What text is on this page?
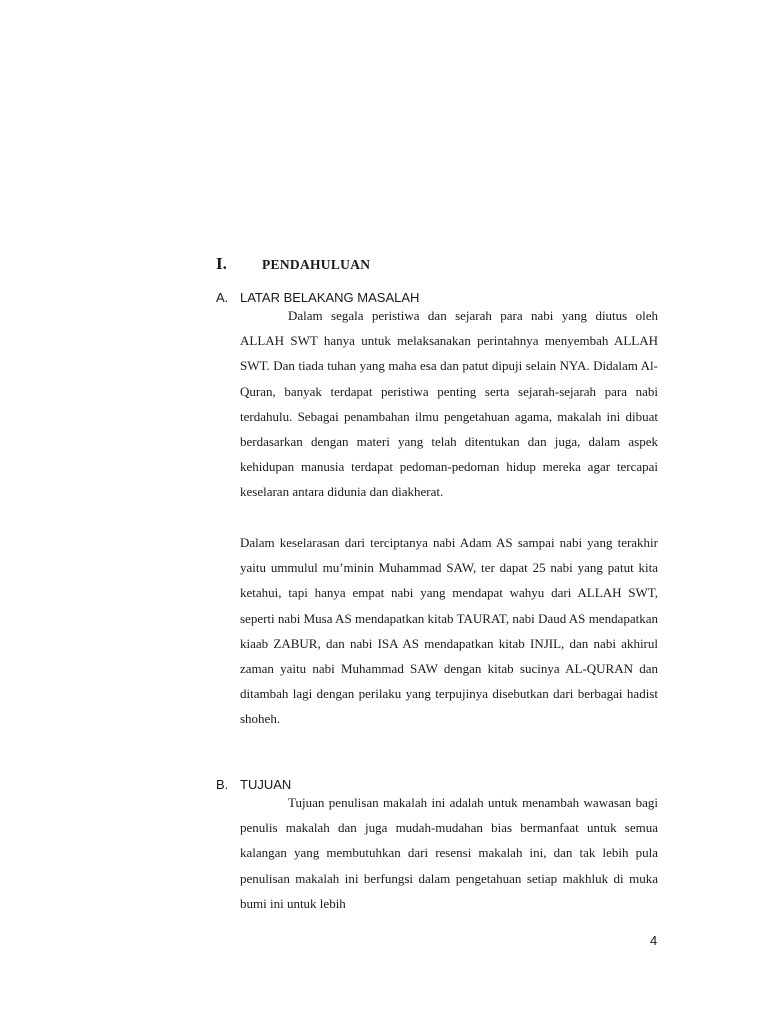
I.	PENDAHULUAN
A. LATAR BELAKANG MASALAH

Dalam segala peristiwa dan sejarah para nabi yang diutus oleh ALLAH SWT hanya untuk melaksanakan perintahnya menyembah ALLAH SWT. Dan tiada tuhan yang maha esa dan patut dipuji selain NYA. Didalam Al-Quran, banyak terdapat peristiwa penting serta sejarah-sejarah para nabi terdahulu. Sebagai penambahan ilmu pengetahuan agama, makalah ini dibuat berdasarkan dengan materi yang telah ditentukan dan juga, dalam aspek kehidupan manusia terdapat pedoman-pedoman hidup mereka agar tercapai keselaran antara didunia dan diakherat.

Dalam keselarasan dari terciptanya nabi Adam AS sampai nabi yang terakhir yaitu ummulul mu’minin Muhammad SAW, ter dapat 25 nabi yang patut kita ketahui, tapi hanya empat nabi yang mendapat wahyu dari ALLAH SWT, seperti nabi Musa AS mendapatkan kitab TAURAT, nabi Daud AS mendapatkan kiaab ZABUR, dan nabi ISA AS mendapatkan kitab INJIL, dan nabi akhirul zaman yaitu nabi Muhammad SAW dengan kitab sucinya AL-QURAN dan ditambah lagi dengan perilaku yang terpujinya disebutkan dari berbagai hadist shoheh.

B. TUJUAN

Tujuan penulisan makalah ini adalah untuk menambah wawasan bagi penulis makalah dan juga mudah-mudahan bias bermanfaat untuk semua kalangan yang membutuhkan dari resensi makalah ini, dan tak lebih pula penulisan makalah ini berfungsi dalam pengetahuan setiap makhluk di muka bumi ini untuk lebih

4
